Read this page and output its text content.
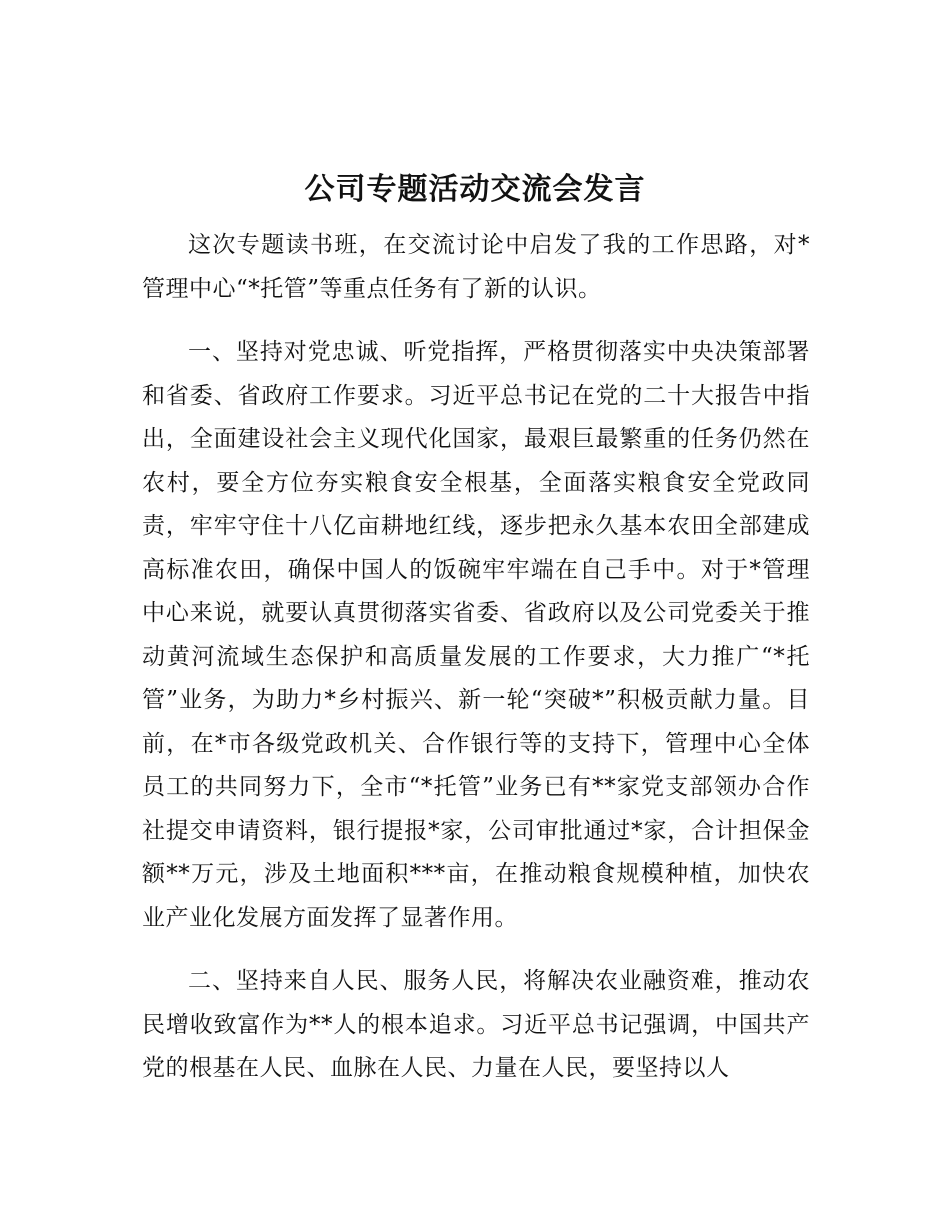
公司专题活动交流会发言

这次专题读书班，在交流讨论中启发了我的工作思路，对*管理中心“*托管”等重点任务有了新的认识。

一、坚持对党忠诚、听党指挥，严格贯彻落实中央决策部署和省委、省政府工作要求。习近平总书记在党的二十大报告中指出，全面建设社会主义现代化国家，最艰巨最繁重的任务仍然在农村，要全方位夯实粮食安全根基，全面落实粮食安全党政同责，牢牢守住十八亿亩耕地红线，逐步把永久基本农田全部建成高标准农田，确保中国人的饭碗牢牢端在自己手中。对于*管理中心来说，就要认真贯彻落实省委、省政府以及公司党委关于推动黄河流域生态保护和高质量发展的工作要求，大力推广“*托管”业务，为助力*乡村振兴、新一轮“突破*”积极贡献力量。目前，在*市各级党政机关、合作银行等的支持下，管理中心全体员工的共同努力下，全市“*托管”业务已有**家党支部领办合作社提交申请资料，银行提报*家，公司审批通过*家，合计担保金额**万元，涉及土地面积***亩，在推动粮食规模种植，加快农业产业化发展方面发挥了显著作用。

二、坚持来自人民、服务人民，将解决农业融资难，推动农民增收致富作为**人的根本追求。习近平总书记强调，中国共产党的根基在人民、血脉在人民、力量在人民，要坚持以人
